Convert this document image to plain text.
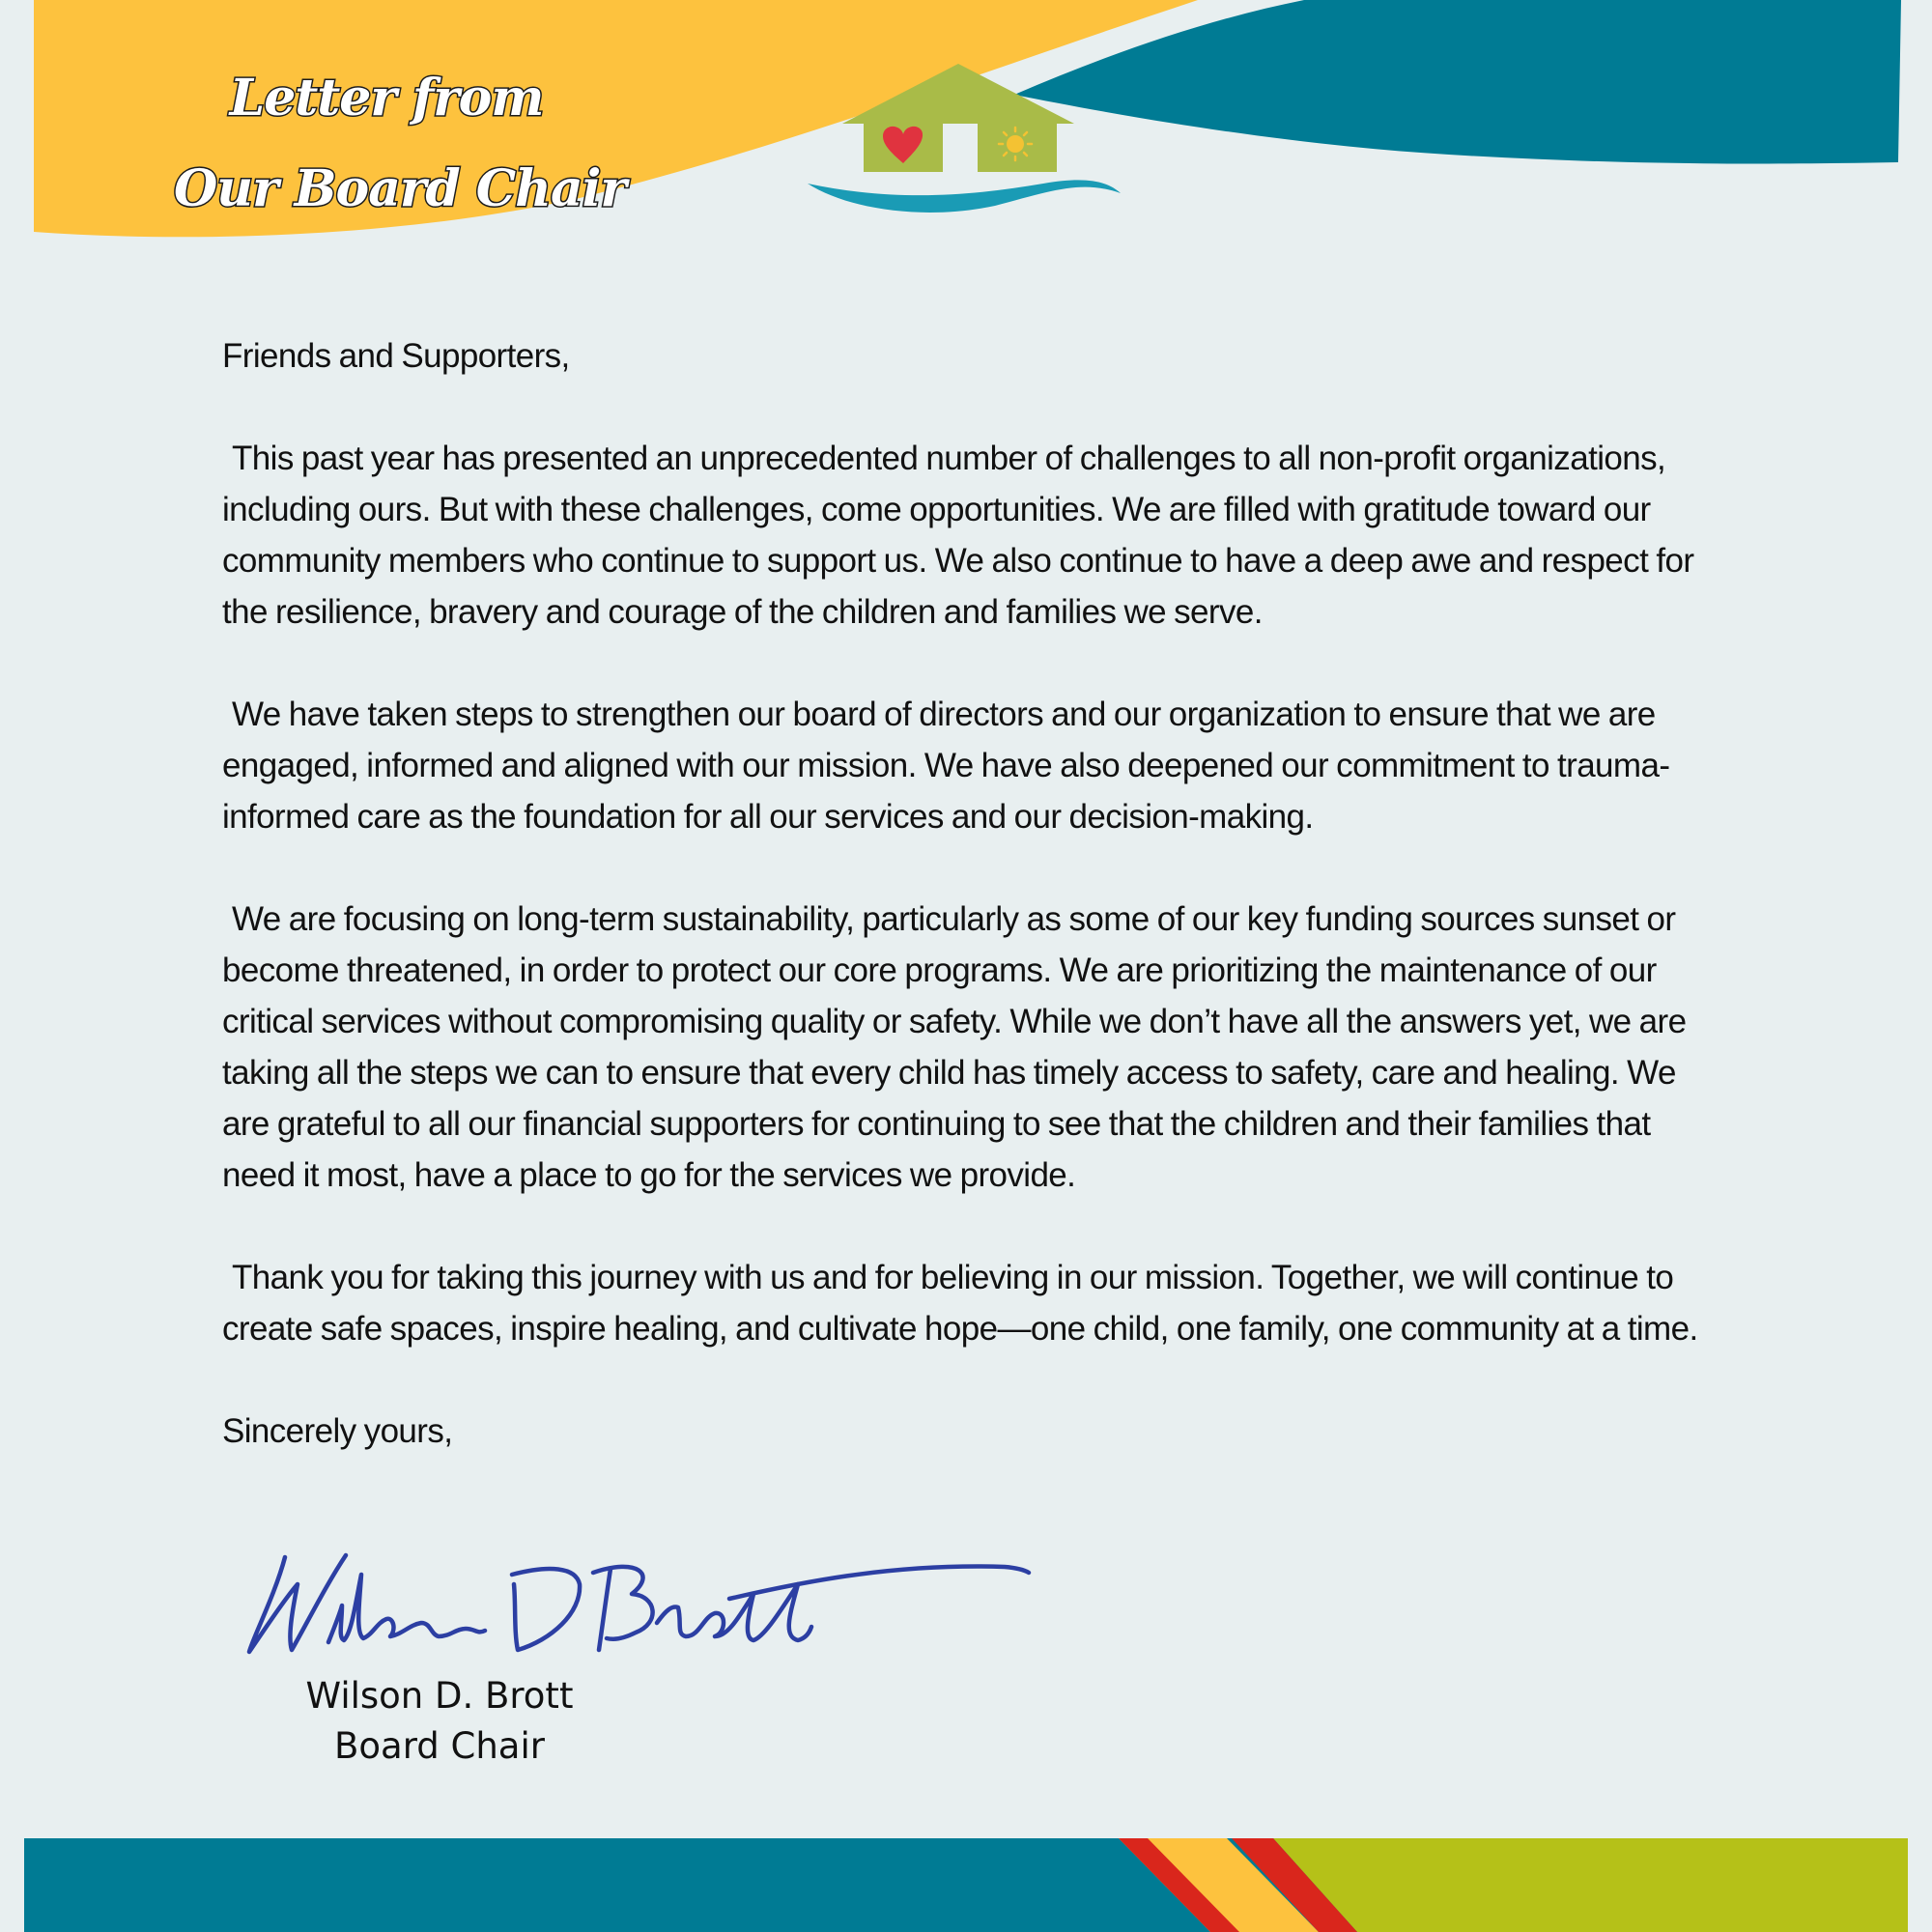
Letter from
Our Board Chair

Friends and Supporters,

This past year has presented an unprecedented number of challenges to all non-profit organizations, including ours. But with these challenges, come opportunities. We are filled with gratitude toward our community members who continue to support us. We also continue to have a deep awe and respect for the resilience, bravery and courage of the children and families we serve.

We have taken steps to strengthen our board of directors and our organization to ensure that we are engaged, informed and aligned with our mission. We have also deepened our commitment to trauma-informed care as the foundation for all our services and our decision-making.

We are focusing on long-term sustainability, particularly as some of our key funding sources sunset or become threatened, in order to protect our core programs. We are prioritizing the maintenance of our critical services without compromising quality or safety. While we don’t have all the answers yet, we are taking all the steps we can to ensure that every child has timely access to safety, care and healing. We are grateful to all our financial supporters for continuing to see that the children and their families that need it most, have a place to go for the services we provide.

Thank you for taking this journey with us and for believing in our mission. Together, we will continue to create safe spaces, inspire healing, and cultivate hope—one child, one family, one community at a time.

Sincerely yours,

Wilson D. Brott
Board Chair
